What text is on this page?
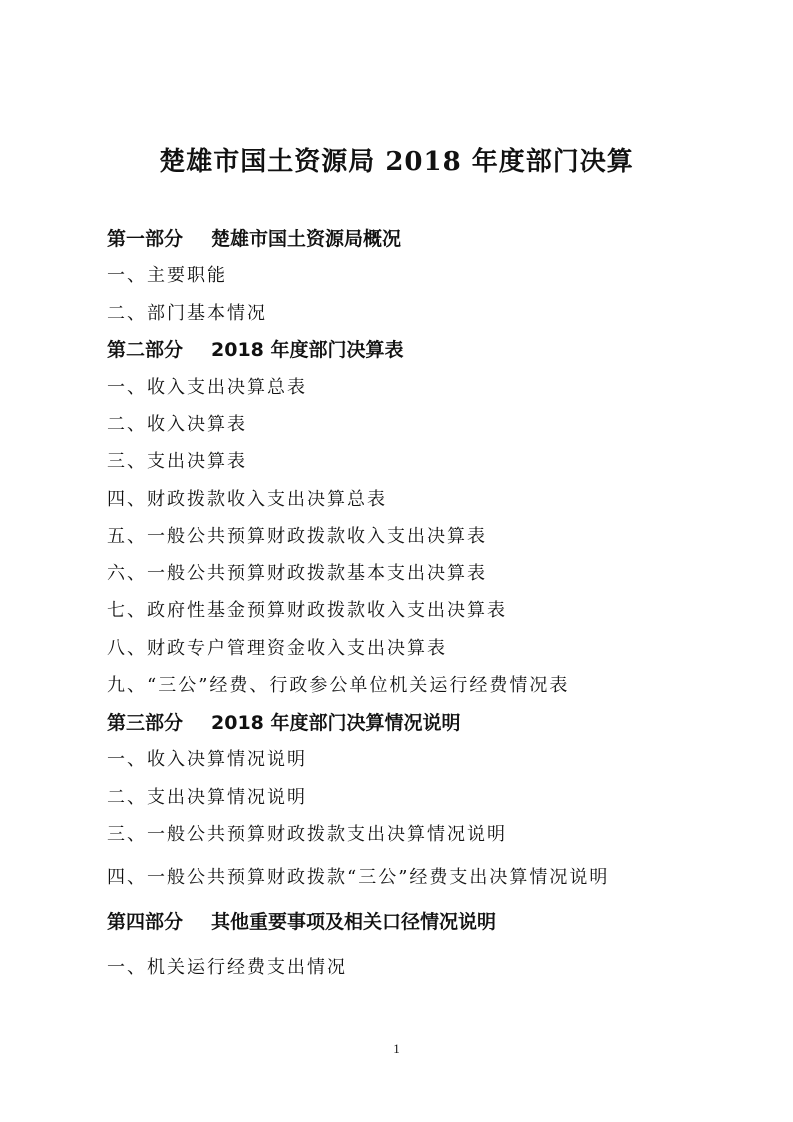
楚雄市国土资源局 2018 年度部门决算
第一部分 楚雄市国土资源局概况
一、主要职能
二、部门基本情况
第二部分 2018 年度部门决算表
一、收入支出决算总表
二、收入决算表
三、支出决算表
四、财政拨款收入支出决算总表
五、一般公共预算财政拨款收入支出决算表
六、一般公共预算财政拨款基本支出决算表
七、政府性基金预算财政拨款收入支出决算表
八、财政专户管理资金收入支出决算表
九、“三公”经费、行政参公单位机关运行经费情况表
第三部分 2018 年度部门决算情况说明
一、收入决算情况说明
二、支出决算情况说明
三、一般公共预算财政拨款支出决算情况说明
四、一般公共预算财政拨款“三公”经费支出决算情况说明
第四部分 其他重要事项及相关口径情况说明
一、机关运行经费支出情况
1
